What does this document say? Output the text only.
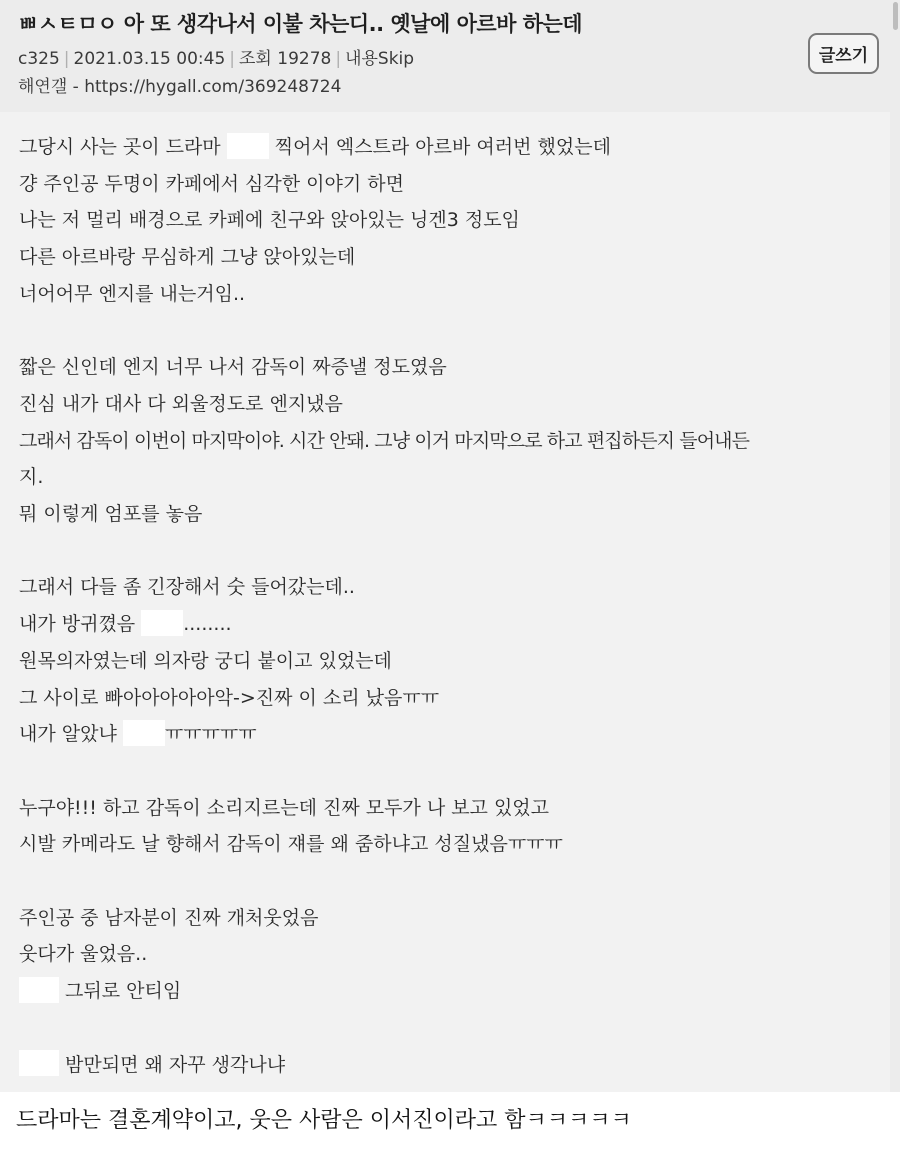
ㅃㅅㅌㅁㅇ 아 또 생각나서 이불 차는디.. 옛날에 아르바 하는데
c325 | 2021.03.15 00:45 | 조회 19278 | 내용Skip
해연갤 - https://hygall.com/369248724
글쓰기
그당시 사는 곳이 드라마  찍어서 엑스트라 아르바 여러번 했었는데
걍 주인공 두명이 카페에서 심각한 이야기 하면
나는 저 멀리 배경으로 카페에 친구와 앉아있는 닝겐3 정도임
다른 아르바랑 무심하게 그냥 앉아있는데
너어어무 엔지를 내는거임..
짧은 신인데 엔지 너무 나서 감독이 짜증낼 정도였음
진심 내가 대사 다 외울정도로 엔지냈음
그래서 감독이 이번이 마지막이야. 시간 안돼. 그냥 이거 마지막으로 하고 편집하든지 들어내든
지.
뭐 이렇게 엄포를 놓음
그래서 다들 좀 긴장해서 숫 들어갔는데..
내가 방귀꼈음 ........
원목의자였는데 의자랑 궁디 붙이고 있었는데
그 사이로 빠아아아아아악->진짜 이 소리 났음ㅠㅠ
내가 알았냐 ㅠㅠㅠㅠㅠ
누구야!!! 하고 감독이 소리지르는데 진짜 모두가 나 보고 있었고
시발 카메라도 날 향해서 감독이 쟤를 왜 줌하냐고 성질냈음ㅠㅠㅠ
주인공 중 남자분이 진짜 개처웃었음
웃다가 울었음..
그뒤로 안티임
밤만되면 왜 자꾸 생각나냐
드라마는 결혼계약이고, 웃은 사람은 이서진이라고 함ㅋㅋㅋㅋㅋ
